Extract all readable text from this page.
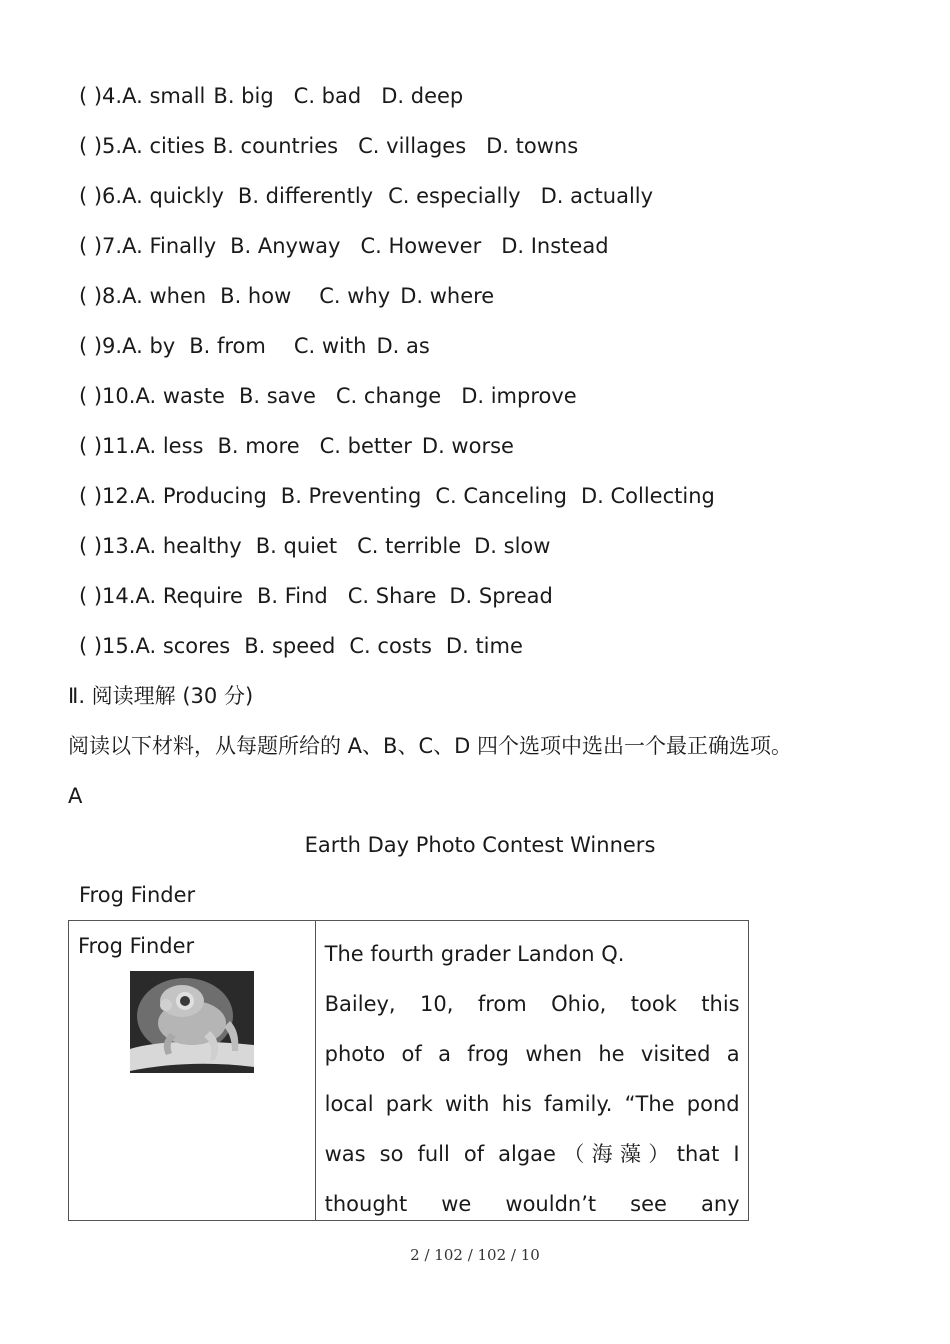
( )4.A. small B. big C. bad D. deep
( )5.A. cities B. countries C. villages D. towns
( )6.A. quickly B. differently C. especially D. actually
( )7.A. Finally B. Anyway C. However D. Instead
( )8.A. when B. how C. why D. where
( )9.A. by B. from C. with D. as
( )10.A. waste B. save C. change D. improve
( )11.A. less B. more C. better D. worse
( )12.A. Producing B. Preventing C. Canceling D. Collecting
( )13.A. healthy B. quiet C. terrible D. slow
( )14.A. Require B. Find C. Share D. Spread
( )15.A. scores B. speed C. costs D. time
Ⅱ. 阅读理解 (30 分)
阅读以下材料，从每题所给的 A、B、C、D 四个选项中选出一个最正确选项。
A
Earth Day Photo Contest Winners
Frog Finder
Frog Finder	The fourth grader Landon Q.
Bailey, 10, from Ohio, took this
photo of a frog when he visited a
local park with his family. “The pond
was so full of algae（海藻）that I
thought we wouldn’t see any
2 / 102 / 102 / 10
